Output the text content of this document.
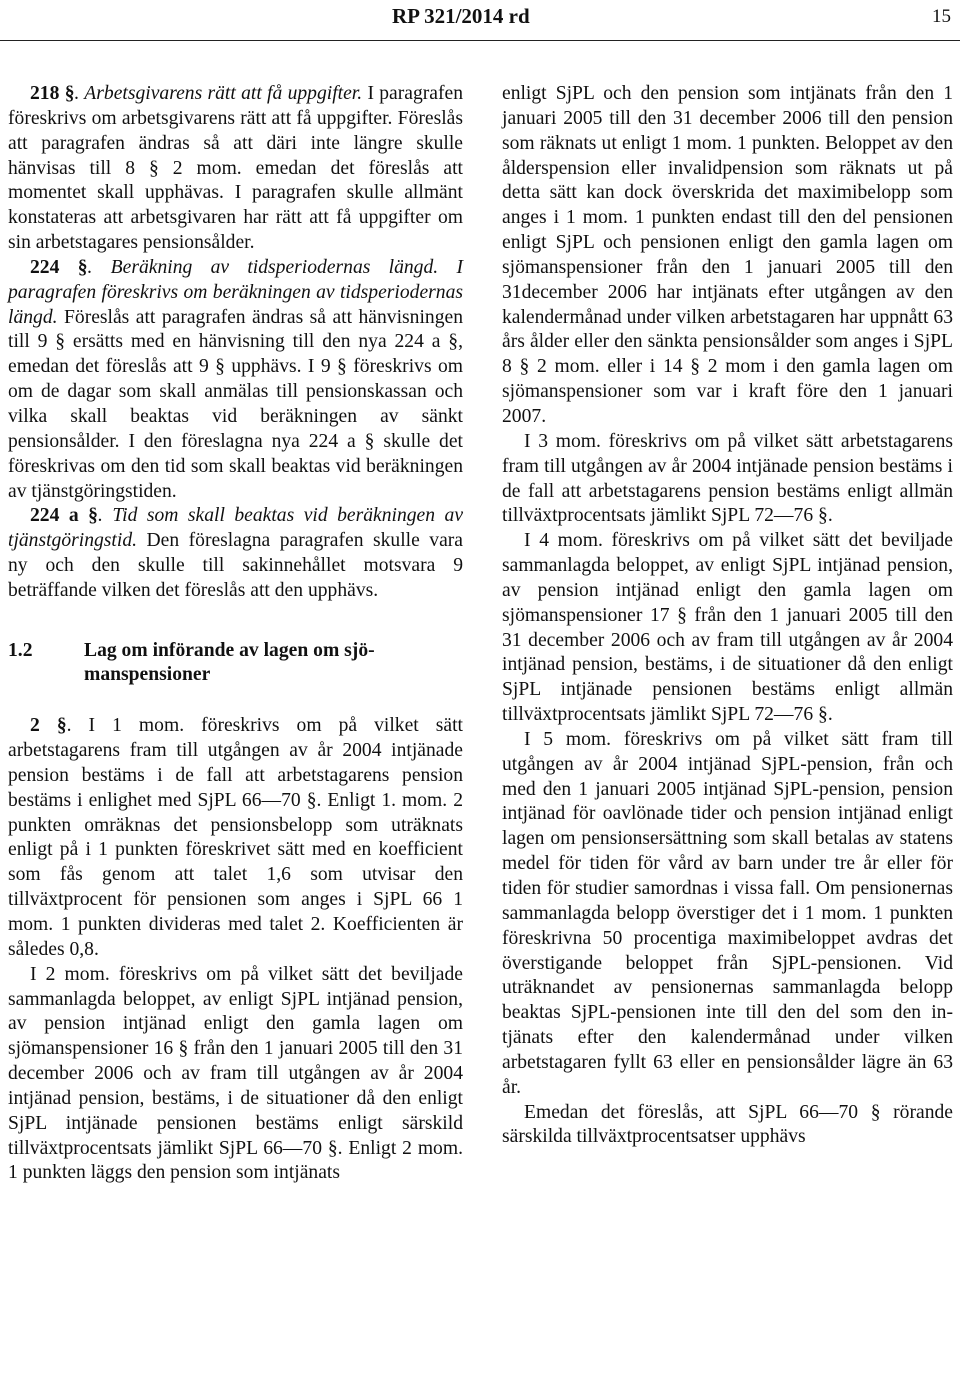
RP 321/2014 rd	15

218 §. Arbetsgivarens rätt att få uppgifter. I paragrafen föreskrivs om arbetsgivarens rätt att få uppgifter. Föreslås att paragrafen ändras så att däri inte längre skulle hänvisas till 8 § 2 mom. emedan det föreslås att momentet skall upphävas. I paragrafen skulle allmänt konstateras att arbetsgivaren har rätt att få uppgifter om sin arbetstagares pensionsålder.

224 §. Beräkning av tidsperiodernas längd. I paragrafen föreskrivs om beräkningen av tidsperiodernas längd. Föreslås att paragrafen ändras så att hänvisningen till 9 § ersätts med en hänvisning till den nya 224 a §, emedan det föreslås att 9 § upphävs. I 9 § föreskrivs om om de dagar som skall anmälas till pensionskassan och vilka skall beaktas vid beräkningen av sänkt pensionsålder. I den föreslagna nya 224 a § skulle det föreskrivas om den tid som skall beaktas vid beräkningen av tjänstgöringstiden.

224 a §. Tid som skall beaktas vid beräkningen av tjänstgöringstid. Den föreslagna paragrafen skulle vara ny och den skulle till sakinnehållet motsvara 9 beträffande vilken det föreslås att den upphävs.

1.2	Lag om införande av lagen om sjömanspensioner

2 §. I 1 mom. föreskrivs om på vilket sätt arbetstagarens fram till utgången av år 2004 intjänade pension bestäms i de fall att arbetstagarens pension bestäms i enlighet med SjPL 66—70 §. Enligt 1. mom. 2 punkten omräknas det pensionsbelopp som uträknats enligt på i 1 punkten föreskrivet sätt med en koefficient som fås genom att talet 1,6 som utvisar den tillväxtprocent för pensionen som anges i SjPL 66 1 mom. 1 punkten dividеras med talet 2. Koefficienten är således 0,8.

I 2 mom. föreskrivs om på vilket sätt det beviljade sammanlagda beloppet, av enligt SjPL intjänad pension, av pension intjänad enligt den gamla lagen om sjömanspensioner 16 § från den 1 januari 2005 till den 31 december 2006 och av fram till utgången av år 2004 intjänad pension, bestäms, i de situationer då den enligt SjPL intjänade pensionen bestäms enligt särskild tillväxtprocentsats jämlikt SjPL 66—70 §. Enligt 2 mom. 1 punkten läggs den pension som intjänats

enligt SjPL och den pension som intjänats från den 1 januari 2005 till den 31 december 2006 till den pension som räknats ut enligt 1 mom. 1 punkten. Beloppet av den ålderspension eller invalidpension som räknats ut på detta sätt kan dock överskrida det maximibelopp som anges i 1 mom. 1 punkten endast till den del pensionen enligt SjPL och pensionen enligt den gamla lagen om sjömanspensioner från den 1 januari 2005 till den 31december 2006 har intjänats efter utgången av den kalendermånad under vilken arbetstagaren har uppnått 63 års ålder eller den sänkta pensionsålder som anges i SjPL 8 § 2 mom. eller i 14 § 2 mom i den gamla lagen om sjömanspensioner som var i kraft före den 1 januari 2007.

I 3 mom. föreskrivs om på vilket sätt arbetstagarens fram till utgången av år 2004 intjänade pension bestäms i de fall att arbetstagarens pension bestäms enligt allmän tillväxtprocentsats jämlikt SjPL 72—76 §.

I 4 mom. föreskrivs om på vilket sätt det beviljade sammanlagda beloppet, av enligt SjPL intjänad pension, av pension intjänad enligt den gamla lagen om sjömanspensioner 17 § från den 1 januari 2005 till den 31 december 2006 och av fram till utgången av år 2004 intjänad pension, bestäms, i de situationer då den enligt SjPL intjänade pensionen bestäms enligt allmän tillväxtprocentsats jämlikt SjPL 72—76 §.

I 5 mom. föreskrivs om på vilket sätt fram till utgången av år 2004 intjänad SjPL-pension, från och med den 1 januari 2005 intjänad SjPL-pension, pension intjänad för oavlönade tider och pension intjänad enligt lagen om pensionsersättning som skall betalas av statens medel för tiden för vård av barn under tre år eller för tiden för studier samordnas i vissa fall. Om pensionernas sammanlagda belopp överstiger det i 1 mom. 1 punkten föreskrivna 50 procentiga maximibeloppet avdras det överstigande beloppet från SjPL-pensionen. Vid uträknandet av pensionernas sammanlagda belopp beaktas SjPL-pensionen inte till den del som den intjänats efter den kalendermånad under vilken arbetstagaren fyllt 63 eller en pensionsålder lägre än 63 år.

Emedan det föreslås, att SjPL 66—70 § rörande särskilda tillväxtprocentsatser upphävs
